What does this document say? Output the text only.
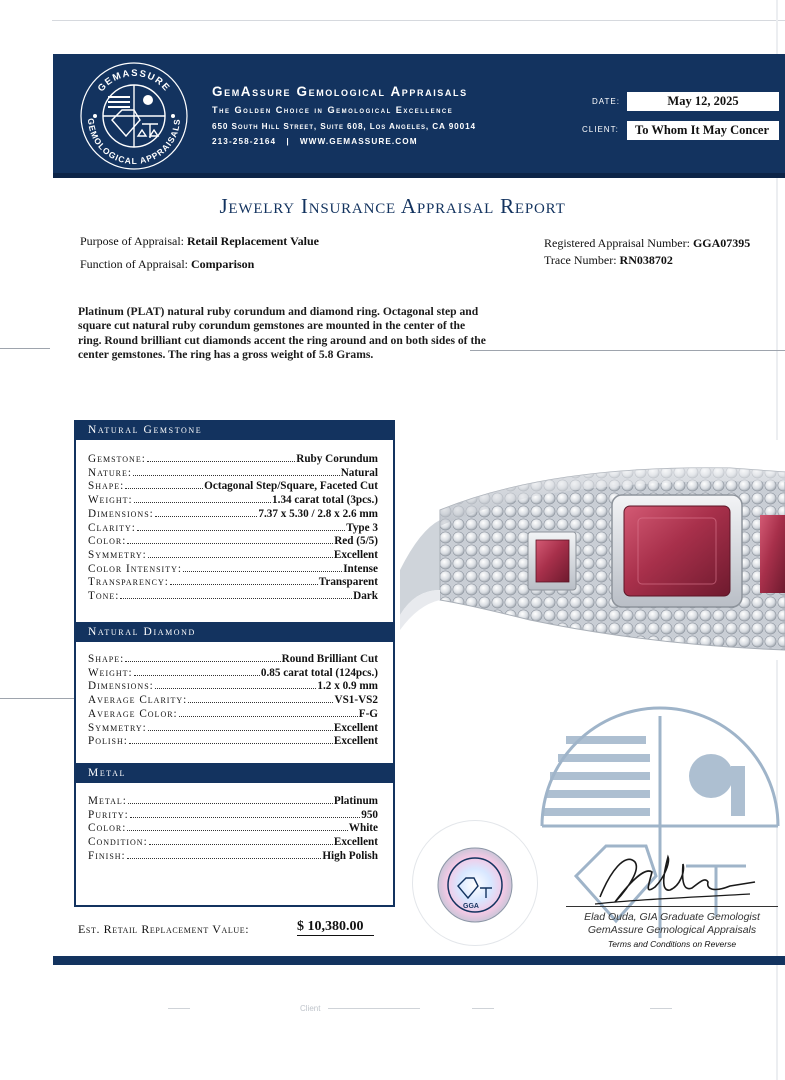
GEMASSURE
GEMOLOGICAL APPRAISALS
GemAssure Gemological Appraisals
The Golden Choice in Gemological Excellence
650 South Hill Street, Suite 608, Los Angeles, CA 90014
213-258-2164   |   WWW.GEMASSURE.COM
DATE:	May 12, 2025
CLIENT:	To Whom It May Concer
Jewelry Insurance Appraisal Report
Purpose of Appraisal: Retail Replacement Value
Function of Appraisal: Comparison
Registered Appraisal Number: GGA07395
Trace Number: RN038702
Platinum (PLAT) natural ruby corundum and diamond ring. Octagonal step and square cut natural ruby corundum gemstones are mounted in the center of the ring. Round brilliant cut diamonds accent the ring around and on both sides of the center gemstones. The ring has a gross weight of 5.8 Grams.
Natural Gemstone
Gemstone:	Ruby Corundum
Nature:	Natural
Shape:	Octagonal Step/Square, Faceted Cut
Weight:	1.34 carat total (3pcs.)
Dimensions:	7.37 x 5.30 / 2.8 x 2.6 mm
Clarity:	Type 3
Color:	Red (5/5)
Symmetry:	Excellent
Color Intensity:	Intense
Transparency:	Transparent
Tone:	Dark
Natural Diamond
Shape:	Round Brilliant Cut
Weight:	0.85 carat total (124pcs.)
Dimensions:	1.2 x 0.9 mm
Average Clarity:	VS1-VS2
Average Color:	F-G
Symmetry:	Excellent
Polish:	Excellent
Metal
Metal:	Platinum
Purity:	950
Color:	White
Condition:	Excellent
Finish:	High Polish
Est. Retail Replacement Value:	$ 10,380.00
GGA
Elad Ouda, GIA Graduate Gemologist
GemAssure Gemological Appraisals
Terms and Conditions on Reverse
Client
